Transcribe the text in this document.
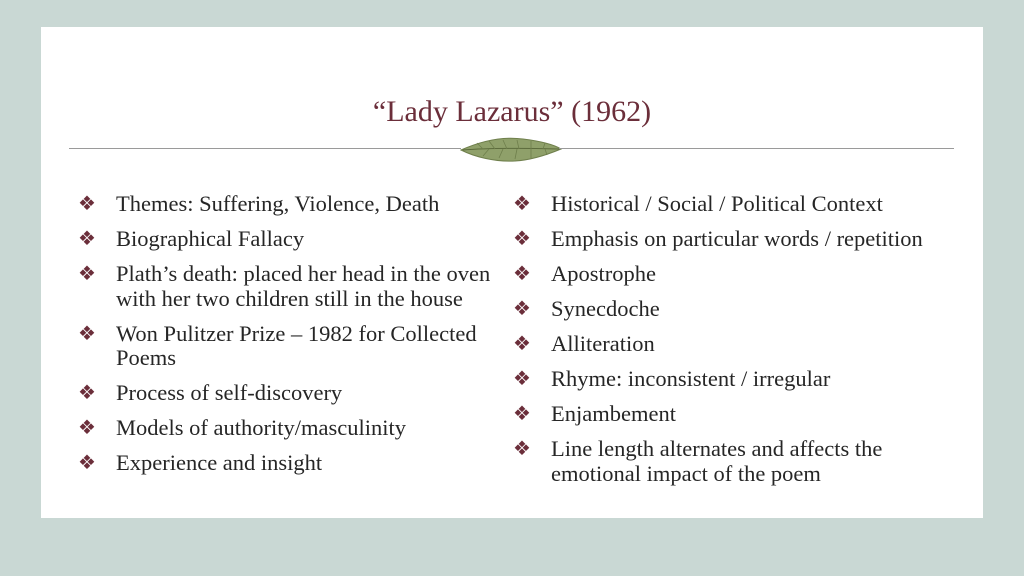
“Lady Lazarus” (1962)
❖ Themes: Suffering, Violence, Death
❖ Biographical Fallacy
❖ Plath’s death: placed her head in the oven with her two children still in the house
❖ Won Pulitzer Prize – 1982 for Collected Poems
❖ Process of self-discovery
❖ Models of authority/masculinity
❖ Experience and insight
❖ Historical / Social / Political Context
❖ Emphasis on particular words / repetition
❖ Apostrophe
❖ Synecdoche
❖ Alliteration
❖ Rhyme: inconsistent / irregular
❖ Enjambement
❖ Line length alternates and affects the emotional impact of the poem
